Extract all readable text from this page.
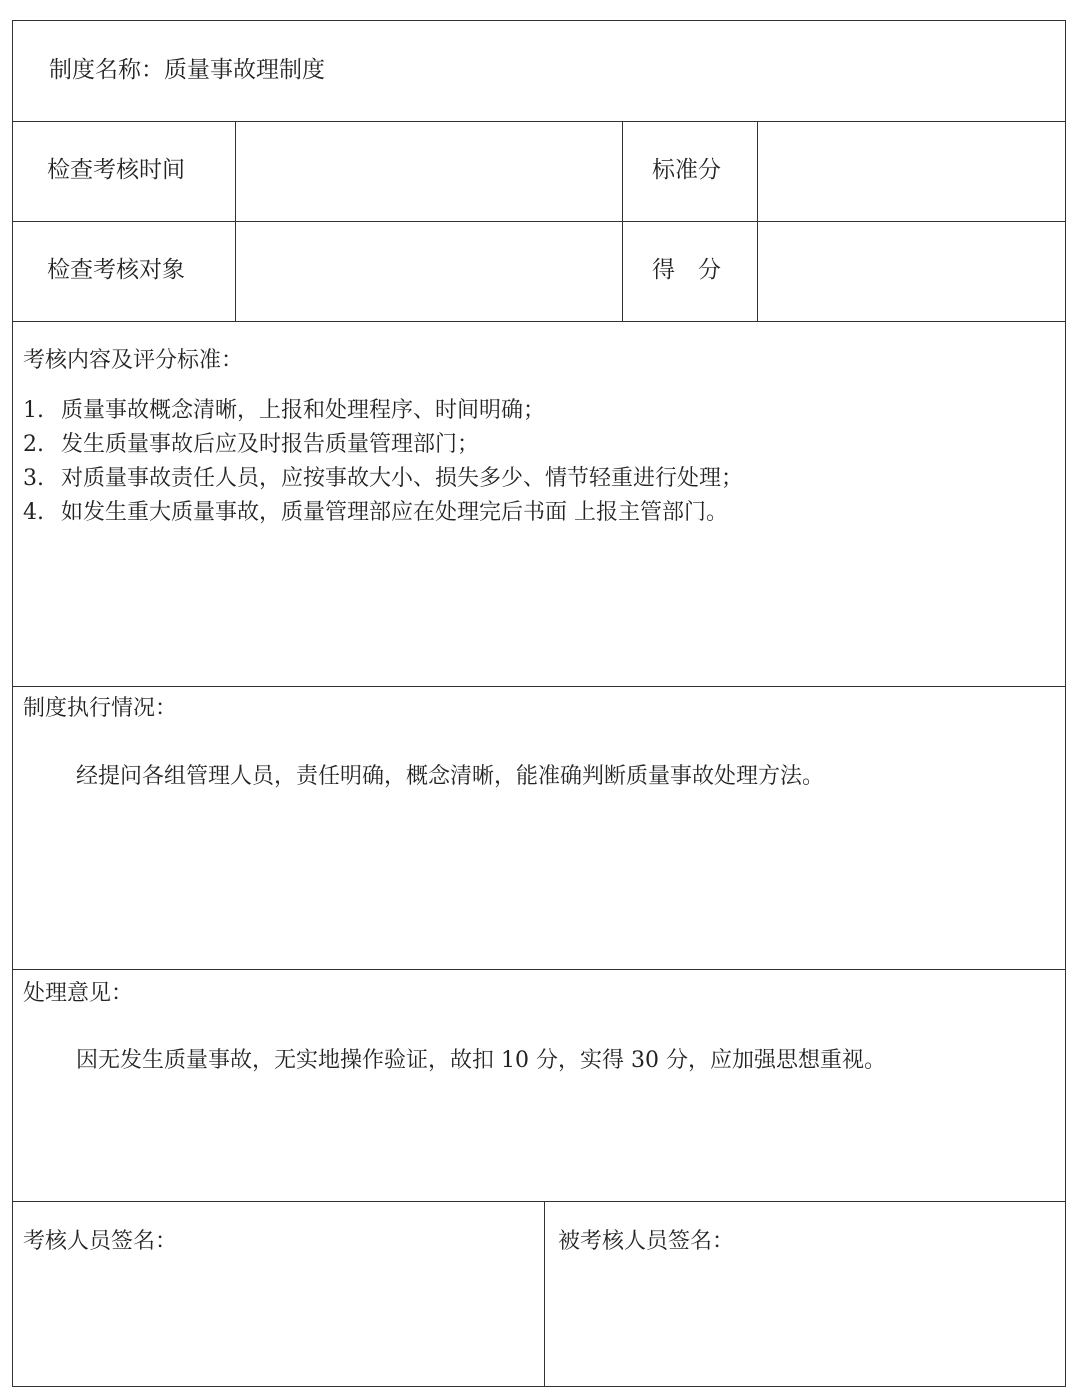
制度名称：质量事故理制度
检查考核时间	标准分
检查考核对象	得　分
考核内容及评分标准：
1. 质量事故概念清晰，上报和处理程序、时间明确；
2. 发生质量事故后应及时报告质量管理部门；
3. 对质量事故责任人员，应按事故大小、损失多少、情节轻重进行处理；
4. 如发生重大质量事故，质量管理部应在处理完后书面 上报主管部门。
制度执行情况：
经提问各组管理人员，责任明确，概念清晰，能准确判断质量事故处理方法。
处理意见：
因无发生质量事故，无实地操作验证，故扣 10 分，实得 30 分，应加强思想重视。
考核人员签名：	被考核人员签名：
